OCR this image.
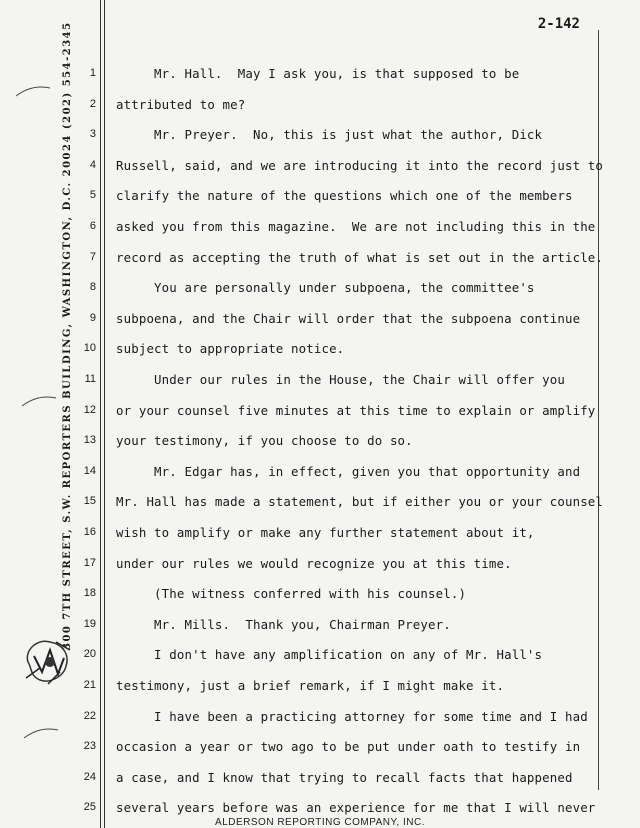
2-142
300 7TH STREET, S.W. REPORTERS BUILDING, WASHINGTON, D.C. 20024 (202) 554-2345	1 Mr. Hall.  May I ask you, is that supposed to be
2 attributed to me?
3 Mr. Preyer.  No, this is just what the author, Dick
4 Russell, said, and we are introducing it into the record just to
5 clarify the nature of the questions which one of the members
6 asked you from this magazine.  We are not including this in the
7 record as accepting the truth of what is set out in the article.
8 You are personally under subpoena, the committee's
9 subpoena, and the Chair will order that the subpoena continue
10 subject to appropriate notice.
11 Under our rules in the House, the Chair will offer you
12 or your counsel five minutes at this time to explain or amplify
13 your testimony, if you choose to do so.
14 Mr. Edgar has, in effect, given you that opportunity and
15 Mr. Hall has made a statement, but if either you or your counsel
16 wish to amplify or make any further statement about it,
17 under our rules we would recognize you at this time.
18 (The witness conferred with his counsel.)
19 Mr. Mills.  Thank you, Chairman Preyer.
20 I don't have any amplification on any of Mr. Hall's
21 testimony, just a brief remark, if I might make it.
22 I have been a practicing attorney for some time and I had
23 occasion a year or two ago to be put under oath to testify in
24 a case, and I know that trying to recall facts that happened
25 several years before was an experience for me that I will never
ALDERSON REPORTING COMPANY, INC.
